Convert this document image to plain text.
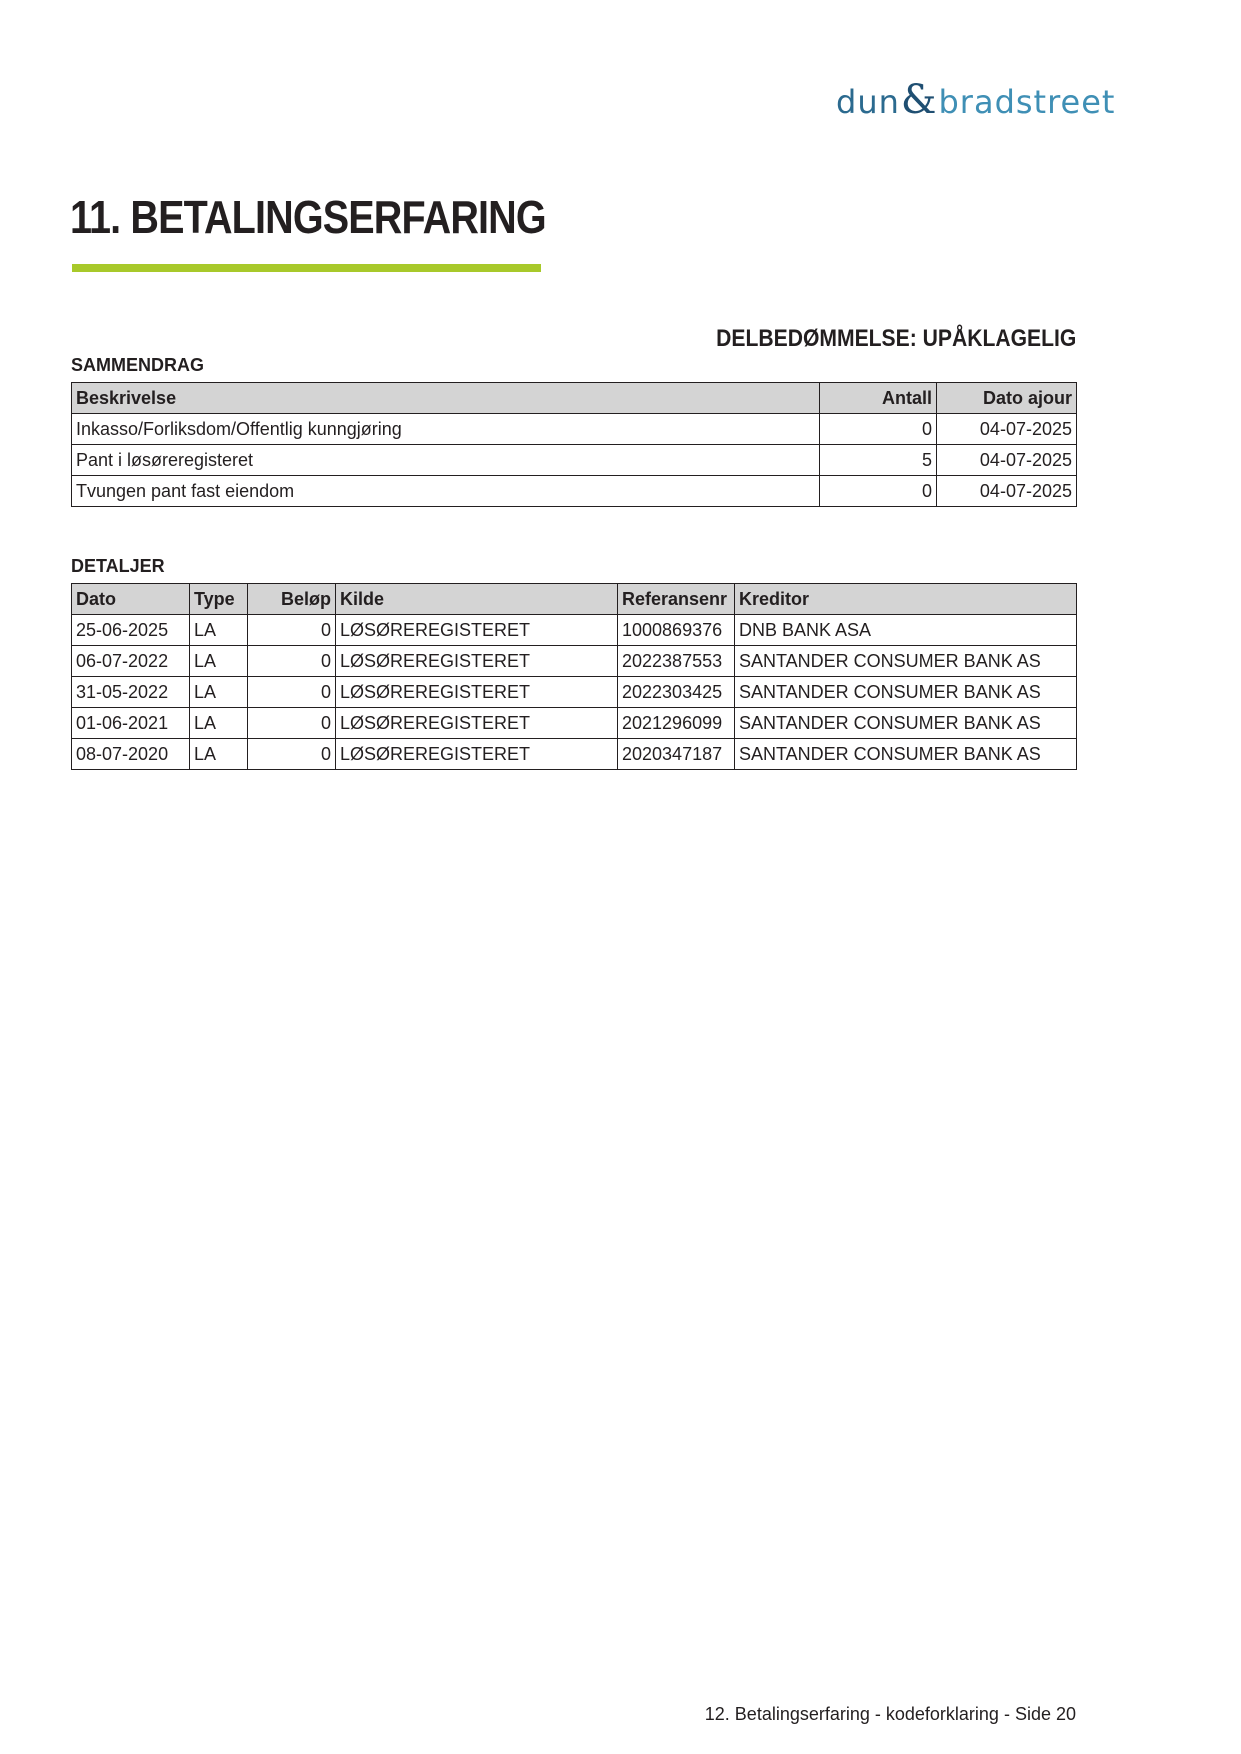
dun & bradstreet
11. BETALINGSERFARING
DELBEDØMMELSE: UPÅKLAGELIG
SAMMENDRAG
Beskrivelse	Antall	Dato ajour
Inkasso/Forliksdom/Offentlig kunngjøring	0	04-07-2025
Pant i løsøreregisteret	5	04-07-2025
Tvungen pant fast eiendom	0	04-07-2025
DETALJER
Dato	Type	Beløp	Kilde	Referansenr	Kreditor
25-06-2025	LA	0	LØSØREREGISTERET	1000869376	DNB BANK ASA
06-07-2022	LA	0	LØSØREREGISTERET	2022387553	SANTANDER CONSUMER BANK AS
31-05-2022	LA	0	LØSØREREGISTERET	2022303425	SANTANDER CONSUMER BANK AS
01-06-2021	LA	0	LØSØREREGISTERET	2021296099	SANTANDER CONSUMER BANK AS
08-07-2020	LA	0	LØSØREREGISTERET	2020347187	SANTANDER CONSUMER BANK AS
12. Betalingserfaring - kodeforklaring - Side 20
